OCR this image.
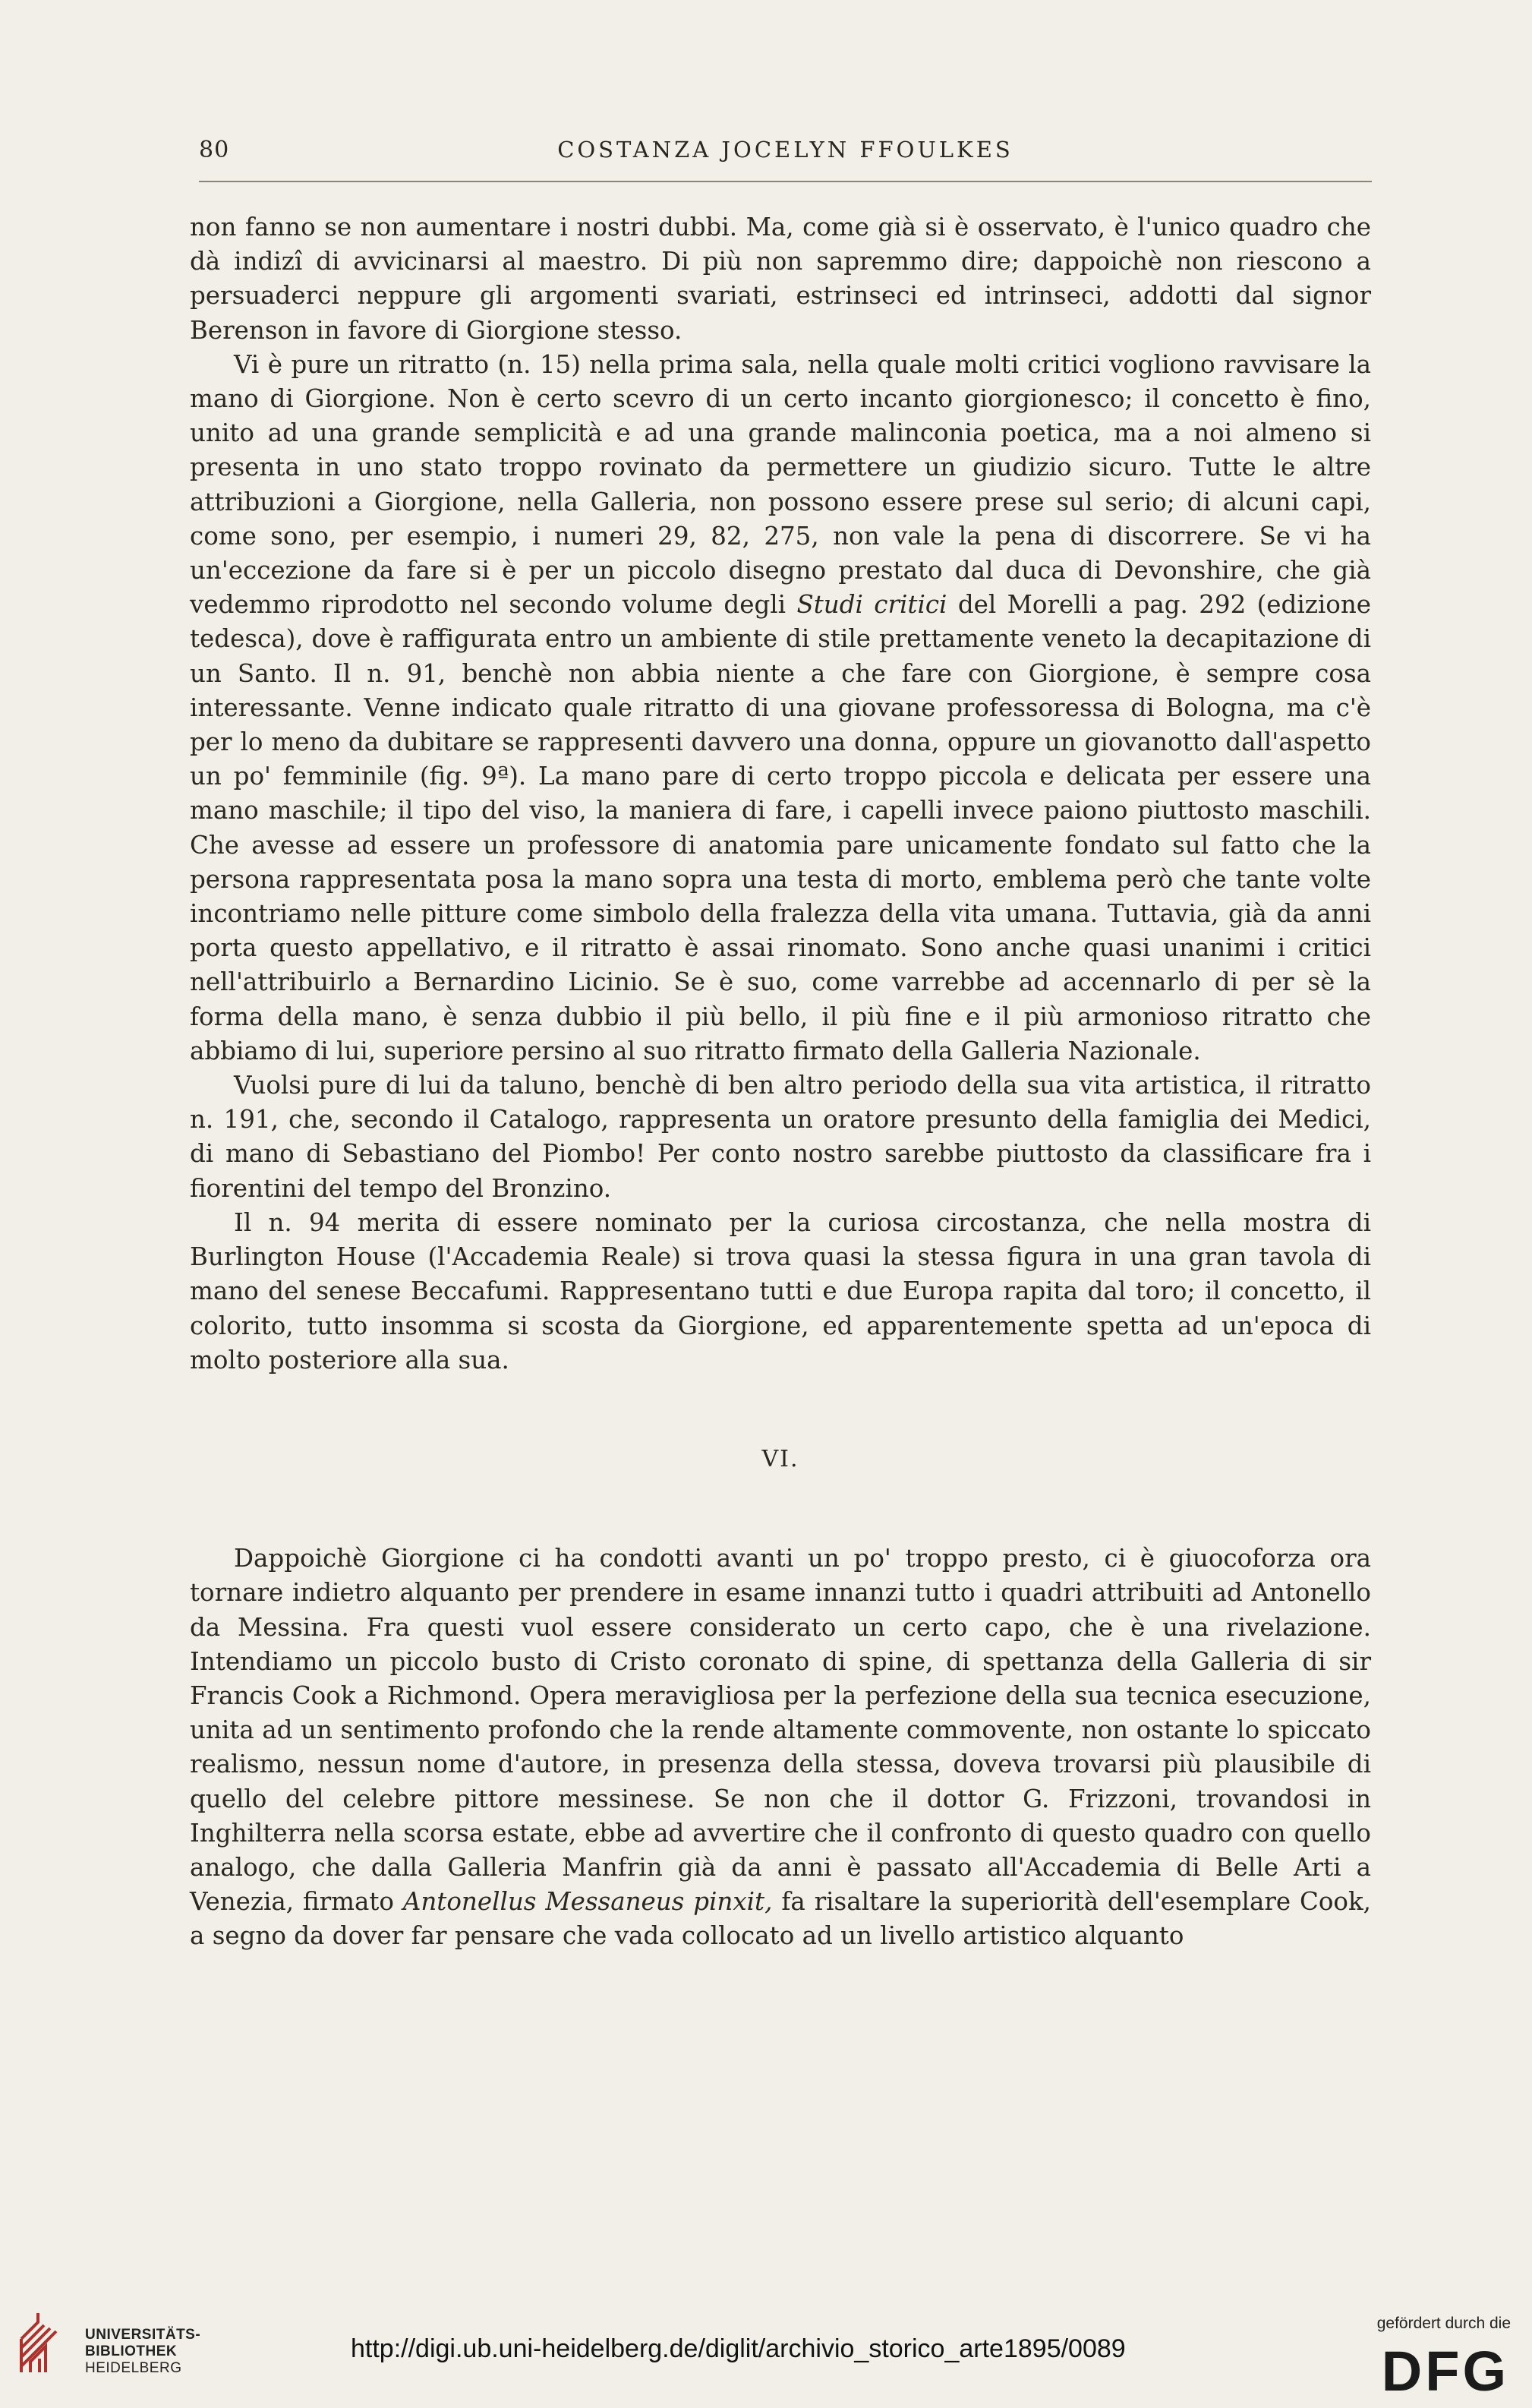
80	COSTANZA JOCELYN FFOULKES

non fanno se non aumentare i nostri dubbi. Ma, come già si è osservato, è l'unico quadro che dà indizî di avvicinarsi al maestro. Di più non sapremmo dire; dappoichè non riescono a persuaderci neppure gli argomenti svariati, estrinseci ed intrinseci, addotti dal signor Berenson in favore di Giorgione stesso.

Vi è pure un ritratto (n. 15) nella prima sala, nella quale molti critici vogliono ravvisare la mano di Giorgione. Non è certo scevro di un certo incanto giorgionesco; il concetto è fino, unito ad una grande semplicità e ad una grande malinconia poetica, ma a noi almeno si presenta in uno stato troppo rovinato da permettere un giudizio sicuro. Tutte le altre attribuzioni a Giorgione, nella Galleria, non possono essere prese sul serio; di alcuni capi, come sono, per esempio, i numeri 29, 82, 275, non vale la pena di discorrere. Se vi ha un'eccezione da fare si è per un piccolo disegno prestato dal duca di Devonshire, che già vedemmo riprodotto nel secondo volume degli Studi critici del Morelli a pag. 292 (edizione tedesca), dove è raffigurata entro un ambiente di stile prettamente veneto la decapitazione di un Santo. Il n. 91, benchè non abbia niente a che fare con Giorgione, è sempre cosa interessante. Venne indicato quale ritratto di una giovane professoressa di Bologna, ma c'è per lo meno da dubitare se rappresenti davvero una donna, oppure un giovanotto dall'aspetto un po' femminile (fig. 9ª). La mano pare di certo troppo piccola e delicata per essere una mano maschile; il tipo del viso, la maniera di fare, i capelli invece paiono piuttosto maschili. Che avesse ad essere un professore di anatomia pare unicamente fondato sul fatto che la persona rappresentata posa la mano sopra una testa di morto, emblema però che tante volte incontriamo nelle pitture come simbolo della fralezza della vita umana. Tuttavia, già da anni porta questo appellativo, e il ritratto è assai rinomato. Sono anche quasi unanimi i critici nell'attribuirlo a Bernardino Licinio. Se è suo, come varrebbe ad accennarlo di per sè la forma della mano, è senza dubbio il più bello, il più fine e il più armonioso ritratto che abbiamo di lui, superiore persino al suo ritratto firmato della Galleria Nazionale.

Vuolsi pure di lui da taluno, benchè di ben altro periodo della sua vita artistica, il ritratto n. 191, che, secondo il Catalogo, rappresenta un oratore presunto della famiglia dei Medici, di mano di Sebastiano del Piombo! Per conto nostro sarebbe piuttosto da classificare fra i fiorentini del tempo del Bronzino.

Il n. 94 merita di essere nominato per la curiosa circostanza, che nella mostra di Burlington House (l'Accademia Reale) si trova quasi la stessa figura in una gran tavola di mano del senese Beccafumi. Rappresentano tutti e due Europa rapita dal toro; il concetto, il colorito, tutto insomma si scosta da Giorgione, ed apparentemente spetta ad un'epoca di molto posteriore alla sua.

VI.

Dappoichè Giorgione ci ha condotti avanti un po' troppo presto, ci è giuocoforza ora tornare indietro alquanto per prendere in esame innanzi tutto i quadri attribuiti ad Antonello da Messina. Fra questi vuol essere considerato un certo capo, che è una rivelazione. Intendiamo un piccolo busto di Cristo coronato di spine, di spettanza della Galleria di sir Francis Cook a Richmond. Opera meravigliosa per la perfezione della sua tecnica esecuzione, unita ad un sentimento profondo che la rende altamente commovente, non ostante lo spiccato realismo, nessun nome d'autore, in presenza della stessa, doveva trovarsi più plausibile di quello del celebre pittore messinese. Se non che il dottor G. Frizzoni, trovandosi in Inghilterra nella scorsa estate, ebbe ad avvertire che il confronto di questo quadro con quello analogo, che dalla Galleria Manfrin già da anni è passato all'Accademia di Belle Arti a Venezia, firmato Antonellus Messaneus pinxit, fa risaltare la superiorità dell'esemplare Cook, a segno da dover far pensare che vada collocato ad un livello artistico alquanto

UNIVERSITÄTS-
BIBLIOTHEK
HEIDELBERG
http://digi.ub.uni-heidelberg.de/diglit/archivio_storico_arte1895/0089
gefördert durch die
DFG
